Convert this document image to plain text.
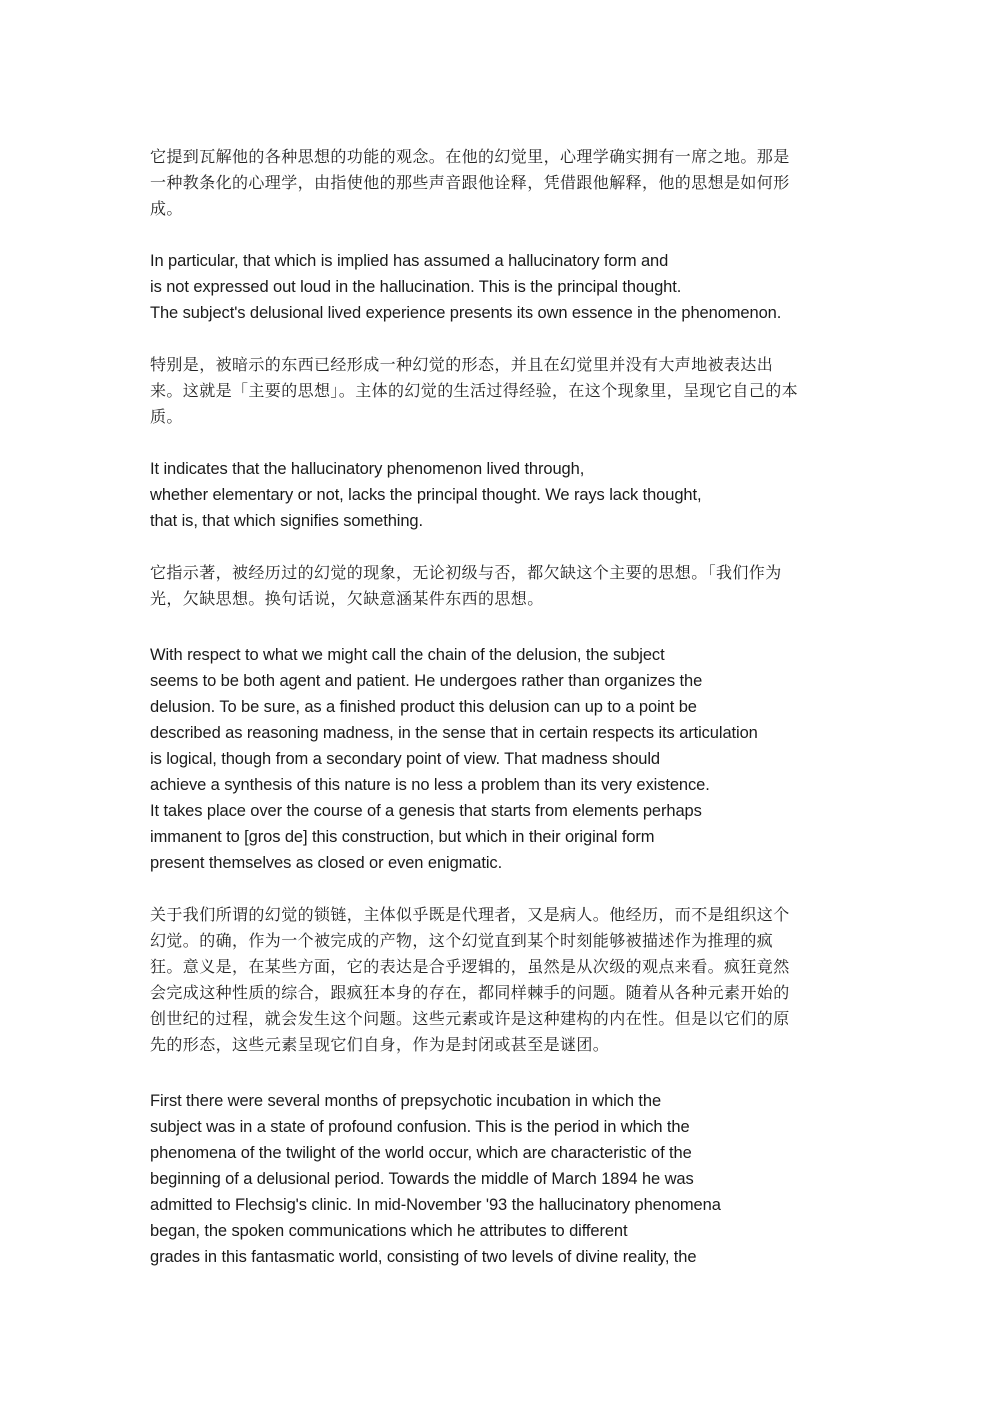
它提到瓦解他的各种思想的功能的观念。在他的幻觉里，心理学确实拥有一席之地。那是
一种教条化的心理学，由指使他的那些声音跟他诠释，凭借跟他解释，他的思想是如何形
成。
In particular, that which is implied has assumed a hallucinatory form and
is not expressed out loud in the hallucination. This is the principal thought.
The subject's delusional lived experience presents its own essence in the phenomenon.
特别是，被暗示的东西已经形成一种幻觉的形态，并且在幻觉里并没有大声地被表达出
来。这就是「主要的思想」。主体的幻觉的生活过得经验，在这个现象里，呈现它自己的本
质。
It indicates that the hallucinatory phenomenon lived through,
whether elementary or not, lacks the principal thought. We rays lack thought,
that is, that which signifies something.
它指示著，被经历过的幻觉的现象，无论初级与否，都欠缺这个主要的思想。「我们作为
光，欠缺思想。换句话说，欠缺意涵某件东西的思想。
With respect to what we might call the chain of the delusion, the subject
seems to be both agent and patient. He undergoes rather than organizes the
delusion. To be sure, as a finished product this delusion can up to a point be
described as reasoning madness, in the sense that in certain respects its articulation
is logical, though from a secondary point of view. That madness should
achieve a synthesis of this nature is no less a problem than its very existence.
It takes place over the course of a genesis that starts from elements perhaps
immanent to [gros de] this construction, but which in their original form
present themselves as closed or even enigmatic.
关于我们所谓的幻觉的锁链，主体似乎既是代理者，又是病人。他经历，而不是组织这个
幻觉。的确，作为一个被完成的产物，这个幻觉直到某个时刻能够被描述作为推理的疯
狂。意义是，在某些方面，它的表达是合乎逻辑的，虽然是从次级的观点来看。疯狂竟然
会完成这种性质的综合，跟疯狂本身的存在，都同样棘手的问题。随着从各种元素开始的
创世纪的过程，就会发生这个问题。这些元素或许是这种建构的内在性。但是以它们的原
先的形态，这些元素呈现它们自身，作为是封闭或甚至是谜团。
First there were several months of prepsychotic incubation in which the
subject was in a state of profound confusion. This is the period in which the
phenomena of the twilight of the world occur, which are characteristic of the
beginning of a delusional period. Towards the middle of March 1894 he was
admitted to Flechsig's clinic. In mid-November '93 the hallucinatory phenomena
began, the spoken communications which he attributes to different
grades in this fantasmatic world, consisting of two levels of divine reality, the
